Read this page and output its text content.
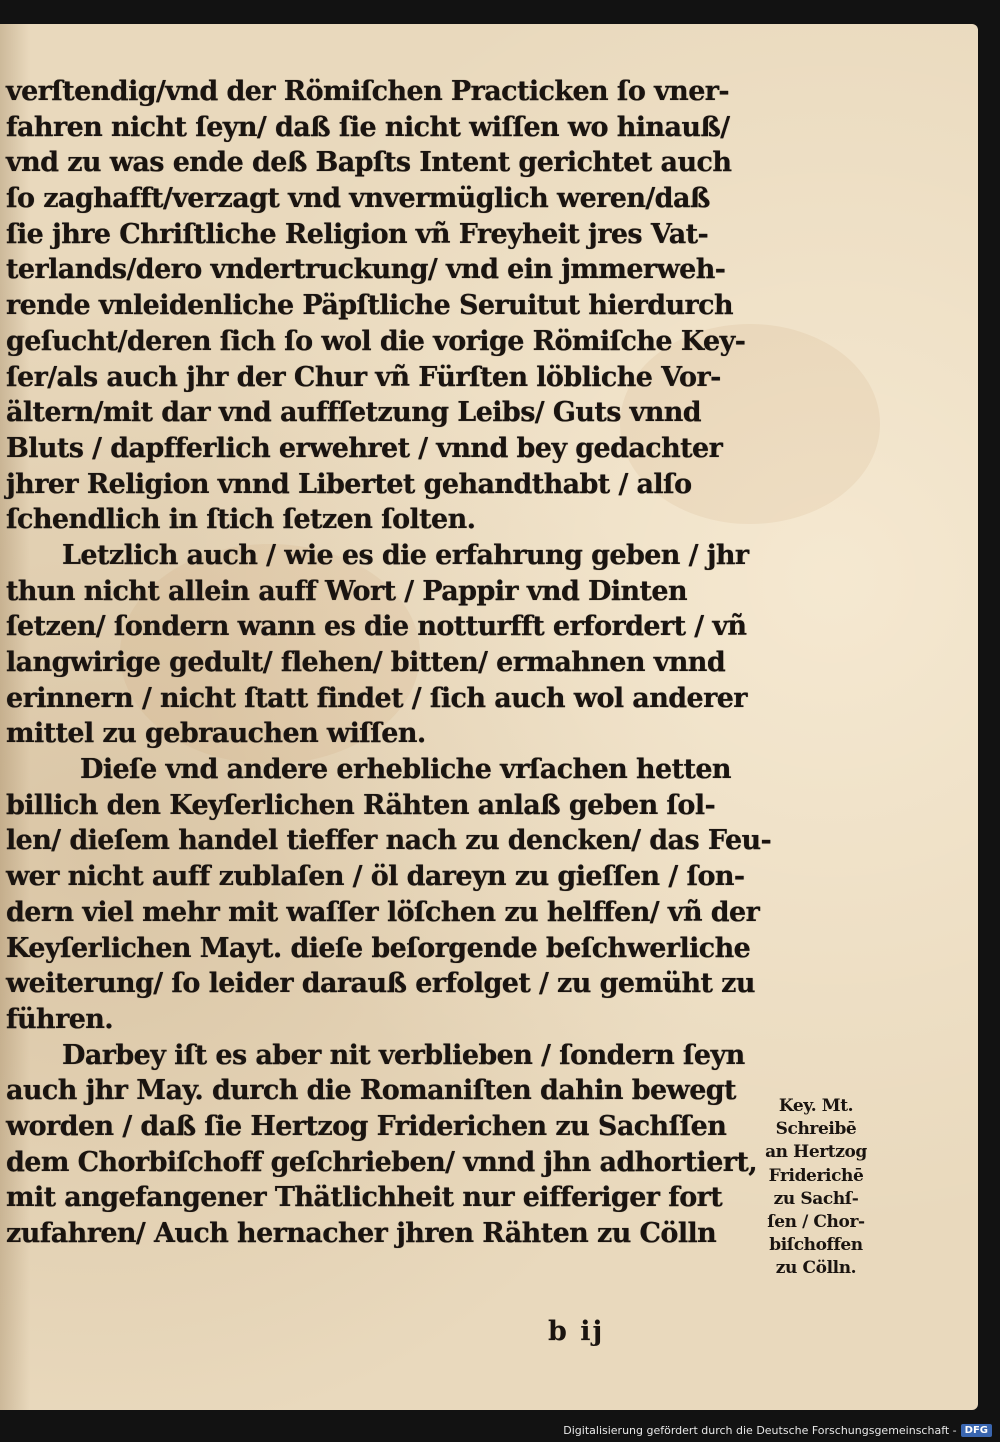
verſtendig/vnd der Römiſchen Practicken ſo vner-
fahren nicht ſeyn/ daß ſie nicht wiſſen wo hinauß/
vnd zu was ende deß Bapſts Intent gerichtet auch
ſo zaghafft/verzagt vnd vnvermüglich weren/daß
ſie jhre Chriſtliche Religion vñ Freyheit jres Vat-
terlands/dero vndertruckung/ vnd ein jmmerweh-
rende vnleidenliche Päpſtliche Seruitut hierdurch
geſucht/deren ſich ſo wol die vorige Römiſche Key-
ſer/als auch jhr der Chur vñ Fürſten löbliche Vor-
ältern/mit dar vnd auffſetzung Leibs/ Guts vnnd
Bluts / dapfferlich erwehret / vnnd bey gedachter
jhrer Religion vnnd Libertet gehandthabt / alſo
ſchendlich in ſtich ſetzen ſolten.
Letzlich auch / wie es die erfahrung geben / jhr
thun nicht allein auff Wort / Pappir vnd Dinten
ſetzen/ ſondern wann es die notturfft erfordert / vñ
langwirige gedult/ flehen/ bitten/ ermahnen vnnd
erinnern / nicht ſtatt findet / ſich auch wol anderer
mittel zu gebrauchen wiſſen.
Dieſe vnd andere erhebliche vrſachen hetten
billich den Keyſerlichen Rähten anlaß geben ſol-
len/ dieſem handel tieffer nach zu dencken/ das Feu-
wer nicht auff zublaſen / öl dareyn zu gieſſen / ſon-
dern viel mehr mit waſſer löſchen zu helffen/ vñ der
Keyſerlichen Mayt. dieſe beſorgende beſchwerliche
weiterung/ ſo leider darauß erfolget / zu gemüht zu
führen.
Darbey iſt es aber nit verblieben / ſondern ſeyn
auch jhr May. durch die Romaniſten dahin bewegt
worden / daß ſie Hertzog Friderichen zu Sachſſen
dem Chorbiſchoff geſchrieben/ vnnd jhn adhortiert,
mit angefangener Thätlichheit nur eifferiger fort
zufahren/ Auch hernacher jhren Rähten zu Cölln
Key. Mt.
Schreibē
an Hertzog
Friderichē
zu Sachſ-
ſen / Chor-
biſchoffen
zu Cölln.
b ij
Digitalisierung gefördert durch die Deutsche Forschungsgemeinschaft - DFG
